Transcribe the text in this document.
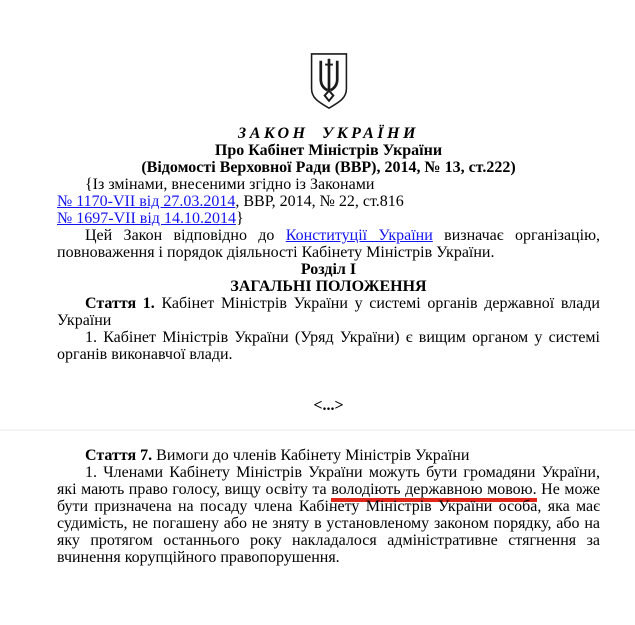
ЗАКОН УКРАЇНИ
Про Кабінет Міністрів України
(Відомості Верховної Ради (ВВР), 2014, № 13, ст.222)
{Із змінами, внесеними згідно із Законами
№ 1170-VII від 27.03.2014, ВВР, 2014, № 22, ст.816
№ 1697-VII від 14.10.2014}

Цей Закон відповідно до Конституції України визначає організацію, повноваження і порядок діяльності Кабінету Міністрів України.

Розділ I
ЗАГАЛЬНІ ПОЛОЖЕННЯ

Стаття 1. Кабінет Міністрів України у системі органів державної влади України

1. Кабінет Міністрів України (Уряд України) є вищим органом у системі органів виконавчої влади.

<...>

Стаття 7. Вимоги до членів Кабінету Міністрів України

1. Членами Кабінету Міністрів України можуть бути громадяни України, які мають право голосу, вищу освіту та володіють державною мовою. Не може бути призначена на посаду члена Кабінету Міністрів України особа, яка має судимість, не погашену або не зняту в установленому законом порядку, або на яку протягом останнього року накладалося адміністративне стягнення за вчинення корупційного правопорушення.
